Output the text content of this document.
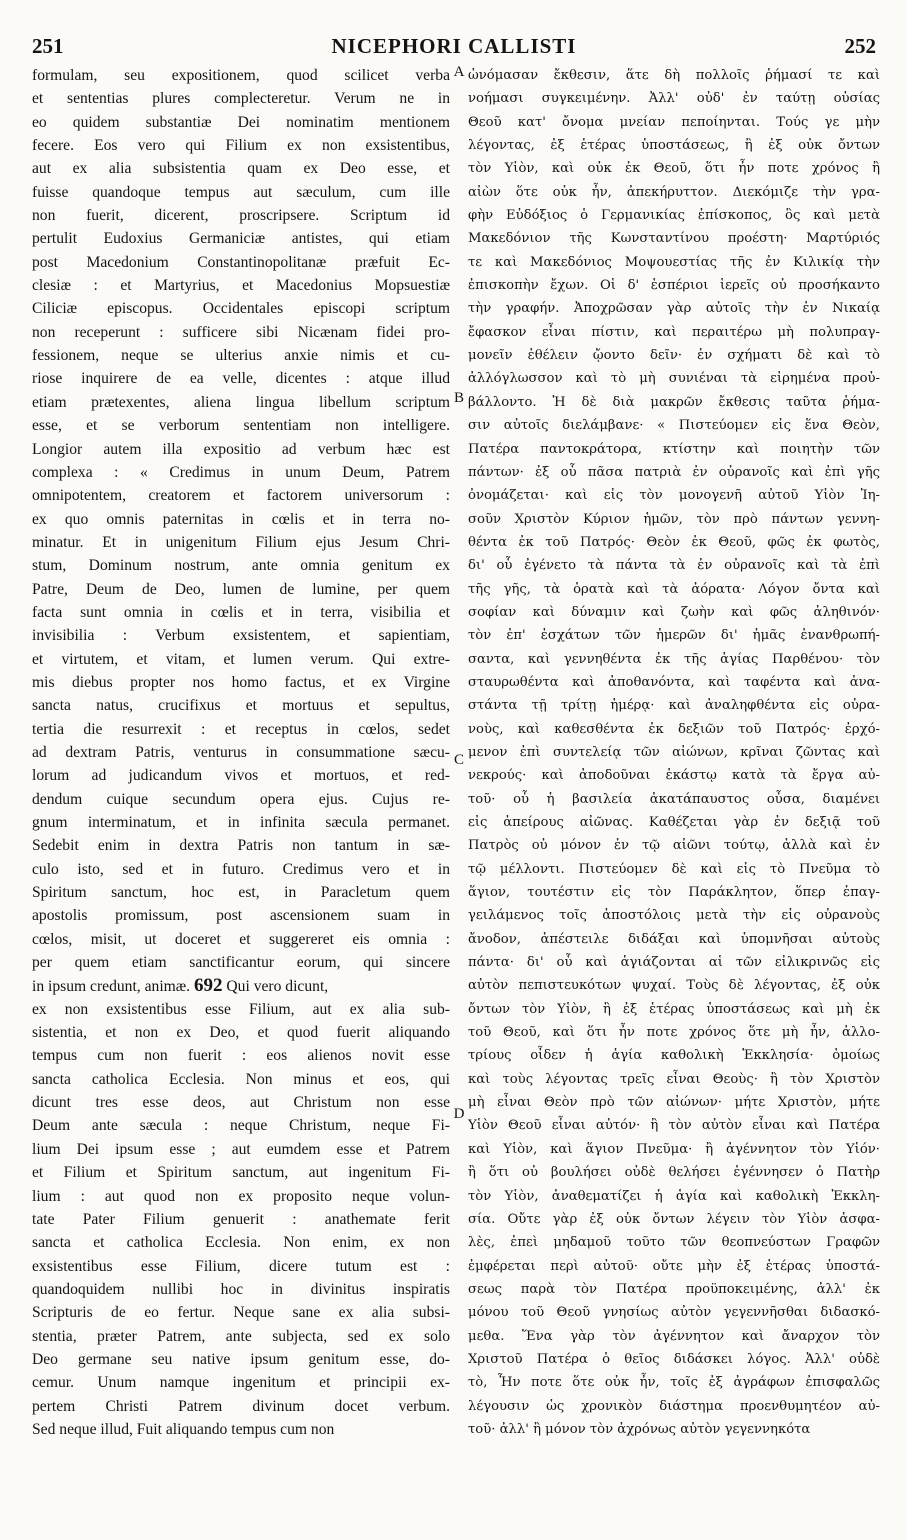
251	NICEPHORI CALLISTI	252
formulam, seu expositionem, quod scilicet verba
et sententias plures complecteretur. Verum ne in
eo quidem substantiæ Dei nominatim mentionem
fecere. Eos vero qui Filium ex non exsistentibus,
aut ex alia subsistentia quam ex Deo esse, et
fuisse quandoque tempus aut sæculum, cum ille
non fuerit, dicerent, proscripsere. Scriptum id
pertulit Eudoxius Germaniciæ antistes, qui etiam
post Macedonium Constantinopolitanæ præfuit Ec-
clesiæ : et Martyrius, et Macedonius Mopsuestiæ
Ciliciæ episcopus. Occidentales episcopi scriptum
non receperunt : sufficere sibi Nicænam fidei pro-
fessionem, neque se ulterius anxie nimis et cu-
riose inquirere de ea velle, dicentes : atque illud
etiam prætexentes, aliena lingua libellum scriptum
esse, et se verborum sententiam non intelligere.
Longior autem illa expositio ad verbum hæc est
complexa : « Credimus in unum Deum, Patrem
omnipotentem, creatorem et factorem universorum :
ex quo omnis paternitas in cœlis et in terra no-
minatur. Et in unigenitum Filium ejus Jesum Chri-
stum, Dominum nostrum, ante omnia genitum ex
Patre, Deum de Deo, lumen de lumine, per quem
facta sunt omnia in cœlis et in terra, visibilia et
invisibilia : Verbum exsistentem, et sapientiam,
et virtutem, et vitam, et lumen verum. Qui extre-
mis diebus propter nos homo factus, et ex Virgine
sancta natus, crucifixus et mortuus et sepultus,
tertia die resurrexit : et receptus in cœlos, sedet
ad dextram Patris, venturus in consummatione sæcu-
lorum ad judicandum vivos et mortuos, et red-
dendum cuique secundum opera ejus. Cujus re-
gnum interminatum, et in infinita sæcula permanet.
Sedebit enim in dextra Patris non tantum in sæ-
culo isto, sed et in futuro. Credimus vero et in
Spiritum sanctum, hoc est, in Paracletum quem
apostolis promissum, post ascensionem suam in
cœlos, misit, ut doceret et suggereret eis omnia :
per quem etiam sanctificantur eorum, qui sincere
in ipsum credunt, animæ. 692 Qui vero dicunt,
ex non exsistentibus esse Filium, aut ex alia sub-
sistentia, et non ex Deo, et quod fuerit aliquando
tempus cum non fuerit : eos alienos novit esse
sancta catholica Ecclesia. Non minus et eos, qui
dicunt tres esse deos, aut Christum non esse
Deum ante sæcula : neque Christum, neque Fi-
lium Dei ipsum esse ; aut eumdem esse et Patrem
et Filium et Spiritum sanctum, aut ingenitum Fi-
lium : aut quod non ex proposito neque volun-
tate Pater Filium genuerit : anathemate ferit
sancta et catholica Ecclesia. Non enim, ex non
exsistentibus esse Filium, dicere tutum est :
quandoquidem nullibi hoc in divinitus inspiratis
Scripturis de eo fertur. Neque sane ex alia subsi-
stentia, præter Patrem, ante subjecta, sed ex solo
Deo germane seu native ipsum genitum esse, do-
cemur. Unum namque ingenitum et principii ex-
pertem Christi Patrem divinum docet verbum.
Sed neque illud, Fuit aliquando tempus cum non
ὠνόμασαν ἔκθεσιν, ἅτε δὴ πολλοῖς ῥήμασί τε καὶ
νοήμασι συγκειμένην. Ἀλλ' οὐδ' ἐν ταύτῃ οὐσίας
Θεοῦ κατ' ὄνομα μνείαν πεποίηνται. Τούς γε μὴν
λέγοντας, ἐξ ἑτέρας ὑποστάσεως, ἢ ἐξ οὐκ ὄντων
τὸν Υἱὸν, καὶ οὐκ ἐκ Θεοῦ, ὅτι ἦν ποτε χρόνος ἢ
αἰὼν ὅτε οὐκ ἦν, ἀπεκήρυττον. Διεκόμιζε τὴν γρα-
φὴν Εὐδόξιος ὁ Γερμανικίας ἐπίσκοπος, ὃς καὶ μετὰ
Μακεδόνιον τῆς Κωνσταντίνου προέστη· Μαρτύριός
τε καὶ Μακεδόνιος Μοψουεστίας τῆς ἐν Κιλικίᾳ τὴν
ἐπισκοπὴν ἔχων. Οἱ δ' ἑσπέριοι ἱερεῖς οὐ προσήκαντο
τὴν γραφήν. Ἀποχρῶσαν γὰρ αὐτοῖς τὴν ἐν Νικαίᾳ
ἔφασκον εἶναι πίστιν, καὶ περαιτέρω μὴ πολυπραγ-
μονεῖν ἐθέλειν ᾤοντο δεῖν· ἐν σχήματι δὲ καὶ τὸ
ἀλλόγλωσσον καὶ τὸ μὴ συνιέναι τὰ εἰρημένα προὐ-
βάλλοντο. Ἡ δὲ διὰ μακρῶν ἔκθεσις ταῦτα ῥήμα-
σιν αὐτοῖς διελάμβανε· « Πιστεύομεν εἰς ἕνα Θεὸν,
Πατέρα παντοκράτορα, κτίστην καὶ ποιητὴν τῶν
πάντων· ἐξ οὗ πᾶσα πατριὰ ἐν οὐρανοῖς καὶ ἐπὶ γῆς
ὀνομάζεται· καὶ εἰς τὸν μονογενῆ αὐτοῦ Υἱὸν Ἰη-
σοῦν Χριστὸν Κύριον ἡμῶν, τὸν πρὸ πάντων γεννη-
θέντα ἐκ τοῦ Πατρός· Θεὸν ἐκ Θεοῦ, φῶς ἐκ φωτὸς,
δι' οὗ ἐγένετο τὰ πάντα τὰ ἐν οὐρανοῖς καὶ τὰ ἐπὶ
τῆς γῆς, τὰ ὁρατὰ καὶ τὰ ἀόρατα· Λόγον ὄντα καὶ
σοφίαν καὶ δύναμιν καὶ ζωὴν καὶ φῶς ἀληθινόν·
τὸν ἐπ' ἐσχάτων τῶν ἡμερῶν δι' ἡμᾶς ἐνανθρωπή-
σαντα, καὶ γεννηθέντα ἐκ τῆς ἁγίας Παρθένου· τὸν
σταυρωθέντα καὶ ἀποθανόντα, καὶ ταφέντα καὶ ἀνα-
στάντα τῇ τρίτῃ ἡμέρᾳ· καὶ ἀναληφθέντα εἰς οὐρα-
νοὺς, καὶ καθεσθέντα ἐκ δεξιῶν τοῦ Πατρός· ἐρχό-
μενον ἐπὶ συντελείᾳ τῶν αἰώνων, κρῖναι ζῶντας καὶ
νεκρούς· καὶ ἀποδοῦναι ἑκάστῳ κατὰ τὰ ἔργα αὐ-
τοῦ· οὗ ἡ βασιλεία ἀκατάπαυστος οὖσα, διαμένει
εἰς ἀπείρους αἰῶνας. Καθέζεται γὰρ ἐν δεξιᾷ τοῦ
Πατρὸς οὐ μόνον ἐν τῷ αἰῶνι τούτῳ, ἀλλὰ καὶ ἐν
τῷ μέλλοντι. Πιστεύομεν δὲ καὶ εἰς τὸ Πνεῦμα τὸ
ἅγιον, τουτέστιν εἰς τὸν Παράκλητον, ὅπερ ἐπαγ-
γειλάμενος τοῖς ἀποστόλοις μετὰ τὴν εἰς οὐρανοὺς
ἄνοδον, ἀπέστειλε διδάξαι καὶ ὑπομνῆσαι αὐτοὺς
πάντα· δι' οὗ καὶ ἁγιάζονται αἱ τῶν εἰλικρινῶς εἰς
αὐτὸν πεπιστευκότων ψυχαί. Τοὺς δὲ λέγοντας, ἐξ οὐκ
ὄντων τὸν Υἱὸν, ἢ ἐξ ἑτέρας ὑποστάσεως καὶ μὴ ἐκ
τοῦ Θεοῦ, καὶ ὅτι ἦν ποτε χρόνος ὅτε μὴ ἦν, ἀλλο-
τρίους οἶδεν ἡ ἁγία καθολικὴ Ἐκκλησία· ὁμοίως
καὶ τοὺς λέγοντας τρεῖς εἶναι Θεοὺς· ἢ τὸν Χριστὸν
μὴ εἶναι Θεὸν πρὸ τῶν αἰώνων· μήτε Χριστὸν, μήτε
Υἱὸν Θεοῦ εἶναι αὐτόν· ἢ τὸν αὐτὸν εἶναι καὶ Πατέρα
καὶ Υἱὸν, καὶ ἅγιον Πνεῦμα· ἢ ἀγέννητον τὸν Υἱόν·
ἢ ὅτι οὐ βουλήσει οὐδὲ θελήσει ἐγέννησεν ὁ Πατὴρ
τὸν Υἱὸν, ἀναθεματίζει ἡ ἁγία καὶ καθολικὴ Ἐκκλη-
σία. Οὔτε γὰρ ἐξ οὐκ ὄντων λέγειν τὸν Υἱὸν ἀσφα-
λὲς, ἐπεὶ μηδαμοῦ τοῦτο τῶν θεοπνεύστων Γραφῶν
ἐμφέρεται περὶ αὐτοῦ· οὔτε μὴν ἐξ ἑτέρας ὑποστά-
σεως παρὰ τὸν Πατέρα προϋποκειμένης, ἀλλ' ἐκ
μόνου τοῦ Θεοῦ γνησίως αὐτὸν γεγεννῆσθαι διδασκό-
μεθα. Ἕνα γὰρ τὸν ἀγέννητον καὶ ἄναρχον τὸν
Χριστοῦ Πατέρα ὁ θεῖος διδάσκει λόγος. Ἀλλ' οὐδὲ
τὸ, Ἦν ποτε ὅτε οὐκ ἦν, τοῖς ἐξ ἀγράφων ἐπισφαλῶς
λέγουσιν ὡς χρονικὸν διάστημα προενθυμητέον αὐ-
τοῦ· ἀλλ' ἢ μόνον τὸν ἀχρόνως αὐτὸν γεγεννηκότα
A
B
C
D
